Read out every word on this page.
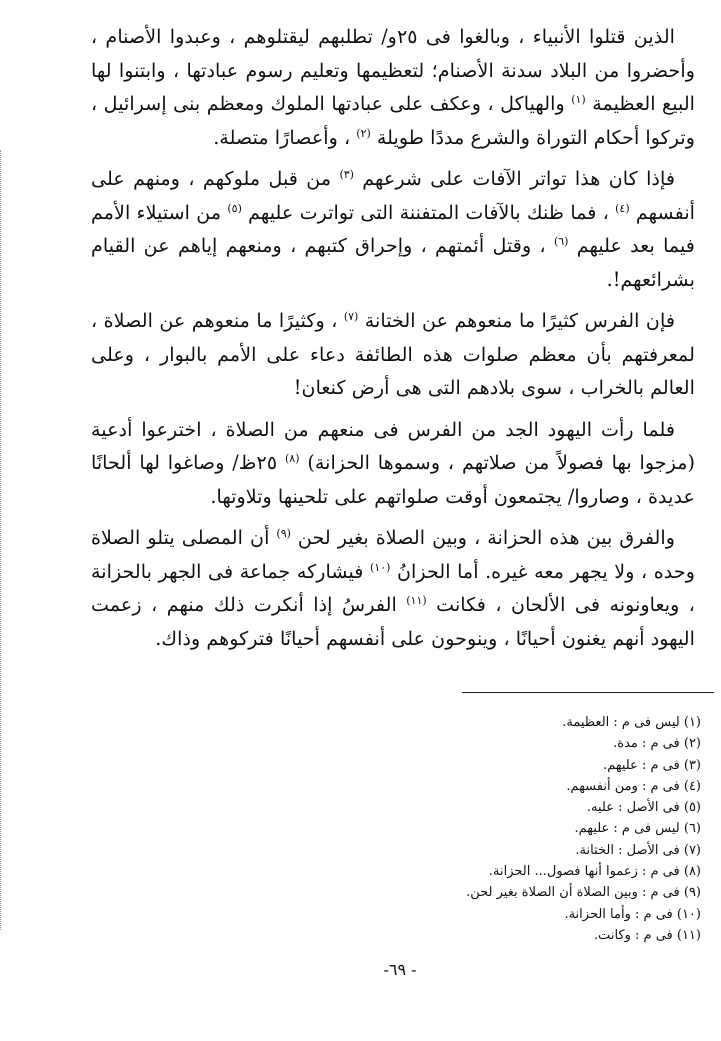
الذين قتلوا الأنبياء ، وبالغوا فى ٢٥و/ تطلبهم ليقتلوهم ، وعبدوا الأصنام ، وأحضروا من البلاد سدنة الأصنام؛ لتعظيمها وتعليم رسوم عبادتها ، وابتنوا لها البيع العظيمة $^{(١)}$ والهياكل ، وعكف على عبادتها الملوك ومعظم بنى إسرائيل ، وتركوا أحكام التوراة والشرع مددًا طويلة $^{(٢)}$ ، وأعصارًا متصلة.

فإذا كان هذا تواتر الآفات على شرعهم $^{(٣)}$ من قبل ملوكهم ، ومنهم على أنفسهم $^{(٤)}$ ، فما ظنك بالآفات المتفننة التى تواترت عليهم $^{(٥)}$ من استيلاء الأمم فيما بعد عليهم $^{(٦)}$ ، وقتل أئمتهم ، وإحراق كتبهم ، ومنعهم إياهم عن القيام بشرائعهم!.

فإن الفرس كثيرًا ما منعوهم عن الختانة $^{(٧)}$ ، وكثيرًا ما منعوهم عن الصلاة ، لمعرفتهم بأن معظم صلوات هذه الطائفة دعاء على الأمم بالبوار ، وعلى العالم بالخراب ، سوى بلادهم التى هى أرض كنعان!

فلما رأت اليهود الجد من الفرس فى منعهم من الصلاة ، اخترعوا أدعية (مزجوا بها فصولاً من صلاتهم ، وسموها الحزانة) $^{(٨)}$ ٢٥ظ/ وصاغوا لها ألحانًا عديدة ، وصاروا/ يجتمعون أوقت صلواتهم على تلحينها وتلاوتها.

والفرق بين هذه الحزانة ، وبين الصلاة بغير لحن $^{(٩)}$ أن المصلى يتلو الصلاة وحده ، ولا يجهر معه غيره. أما الحزانُ $^{(١٠)}$ فيشاركه جماعة فى الجهر بالحزانة ، ويعاونونه فى الألحان ، فكانت $^{(١١)}$ الفرسُ إذا أنكرت ذلك منهم ، زعمت اليهود أنهم يغنون أحيانًا ، وينوحون على أنفسهم أحيانًا فتركوهم وذاك.

(١) ليس فى م : العظيمة.
(٢) فى م : مدة.
(٣) فى م : عليهم.
(٤) فى م : ومن أنفسهم.
(٥) فى الأصل : عليه.
(٦) ليس فى م : عليهم.
(٧) فى الأصل : الختانة.
(٨) فى م : زعموا أنها فصول... الحزانة.
(٩) فى م : وبين الصلاة أن الصلاة بغير لحن.
(١٠) فى م : وأما الحزانة.
(١١) فى م : وكانت.
-٦٩ -
